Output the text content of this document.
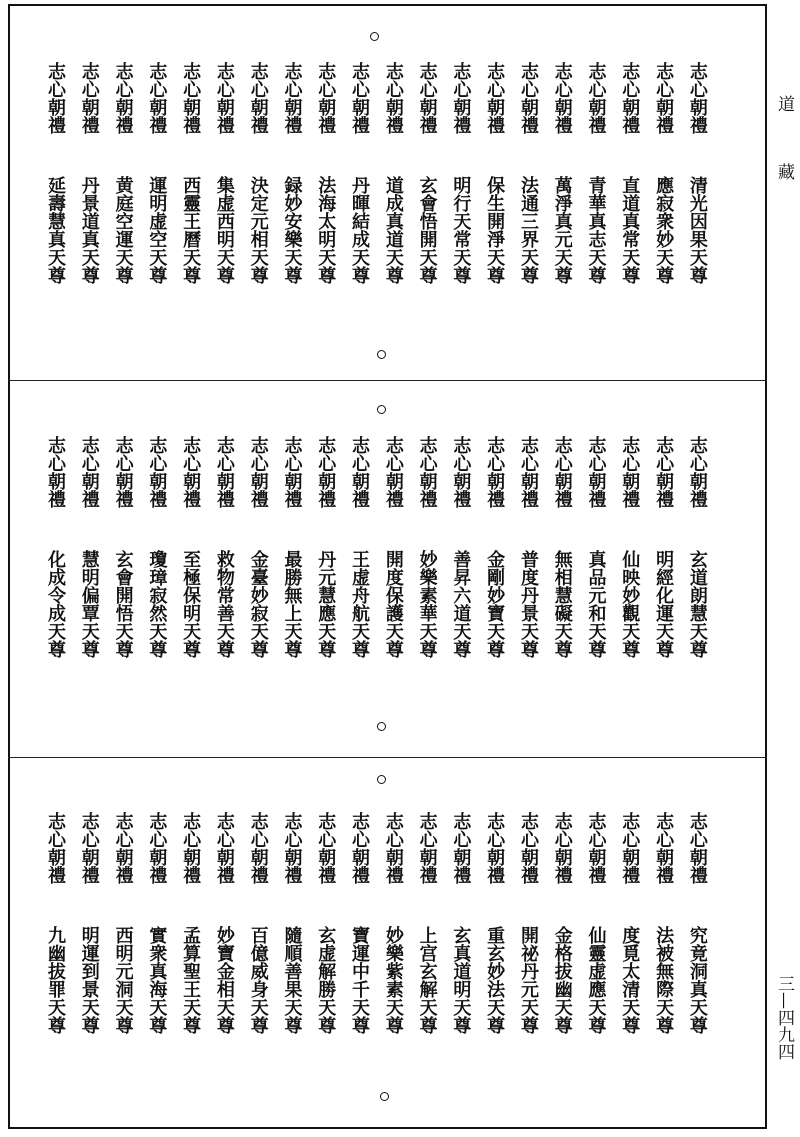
道　　　藏
三—四九四
志心朝禮
清光因果天尊
志心朝禮
應寂衆妙天尊
志心朝禮
直道真常天尊
志心朝禮
青華真志天尊
志心朝禮
萬淨真元天尊
志心朝禮
法通三界天尊
志心朝禮
保生開淨天尊
志心朝禮
明行天常天尊
志心朝禮
玄會悟開天尊
志心朝禮
道成真道天尊
志心朝禮
丹暉結成天尊
志心朝禮
法海太明天尊
志心朝禮
録妙安樂天尊
志心朝禮
決定元相天尊
志心朝禮
集虚西明天尊
志心朝禮
西靈王曆天尊
志心朝禮
運明虚空天尊
志心朝禮
黄庭空運天尊
志心朝禮
丹景道真天尊
志心朝禮
延壽慧真天尊
志心朝禮
玄道朗慧天尊
志心朝禮
明經化運天尊
志心朝禮
仙映妙觀天尊
志心朝禮
真品元和天尊
志心朝禮
無相慧礙天尊
志心朝禮
普度丹景天尊
志心朝禮
金剛妙寶天尊
志心朝禮
善昇六道天尊
志心朝禮
妙樂素華天尊
志心朝禮
開度保護天尊
志心朝禮
王虚舟航天尊
志心朝禮
丹元慧應天尊
志心朝禮
最勝無上天尊
志心朝禮
金臺妙寂天尊
志心朝禮
救物常善天尊
志心朝禮
至極保明天尊
志心朝禮
瓊璋寂然天尊
志心朝禮
玄會開悟天尊
志心朝禮
慧明偏覃天尊
志心朝禮
化成令成天尊
志心朝禮
究竟洞真天尊
志心朝禮
法被無際天尊
志心朝禮
度覓太清天尊
志心朝禮
仙靈虚應天尊
志心朝禮
金格拔幽天尊
志心朝禮
開祕丹元天尊
志心朝禮
重玄妙法天尊
志心朝禮
玄真道明天尊
志心朝禮
上宫玄解天尊
志心朝禮
妙樂紫素天尊
志心朝禮
寶運中千天尊
志心朝禮
玄虚解勝天尊
志心朝禮
隨順善果天尊
志心朝禮
百億威身天尊
志心朝禮
妙寶金相天尊
志心朝禮
孟算聖王天尊
志心朝禮
實衆真海天尊
志心朝禮
西明元洞天尊
志心朝禮
明運到景天尊
志心朝禮
九幽拔罪天尊
